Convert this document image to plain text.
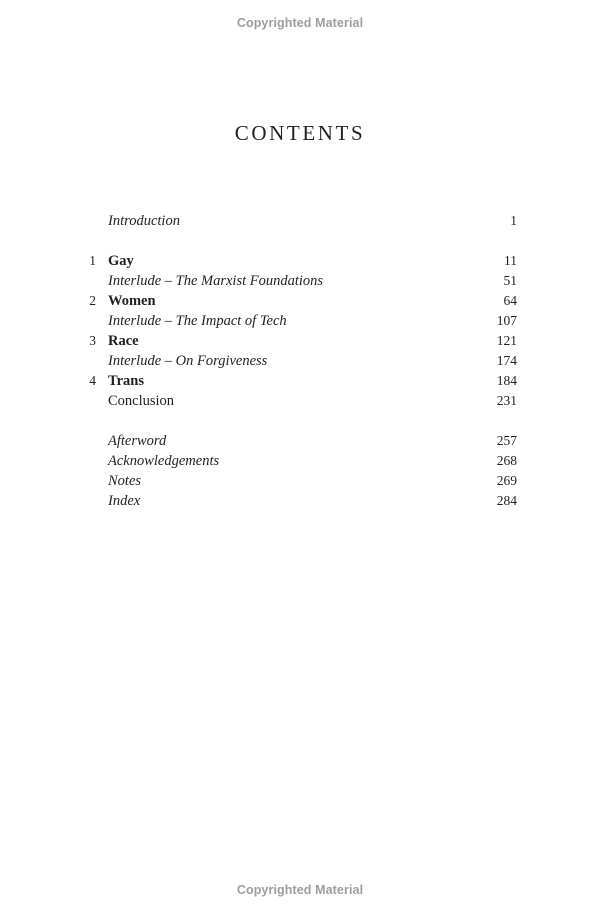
Copyrighted Material
CONTENTS
Introduction	1
1 Gay	11
Interlude – The Marxist Foundations	51
2 Women	64
Interlude – The Impact of Tech	107
3 Race	121
Interlude – On Forgiveness	174
4 Trans	184
Conclusion	231
Afterword	257
Acknowledgements	268
Notes	269
Index	284
Copyrighted Material
